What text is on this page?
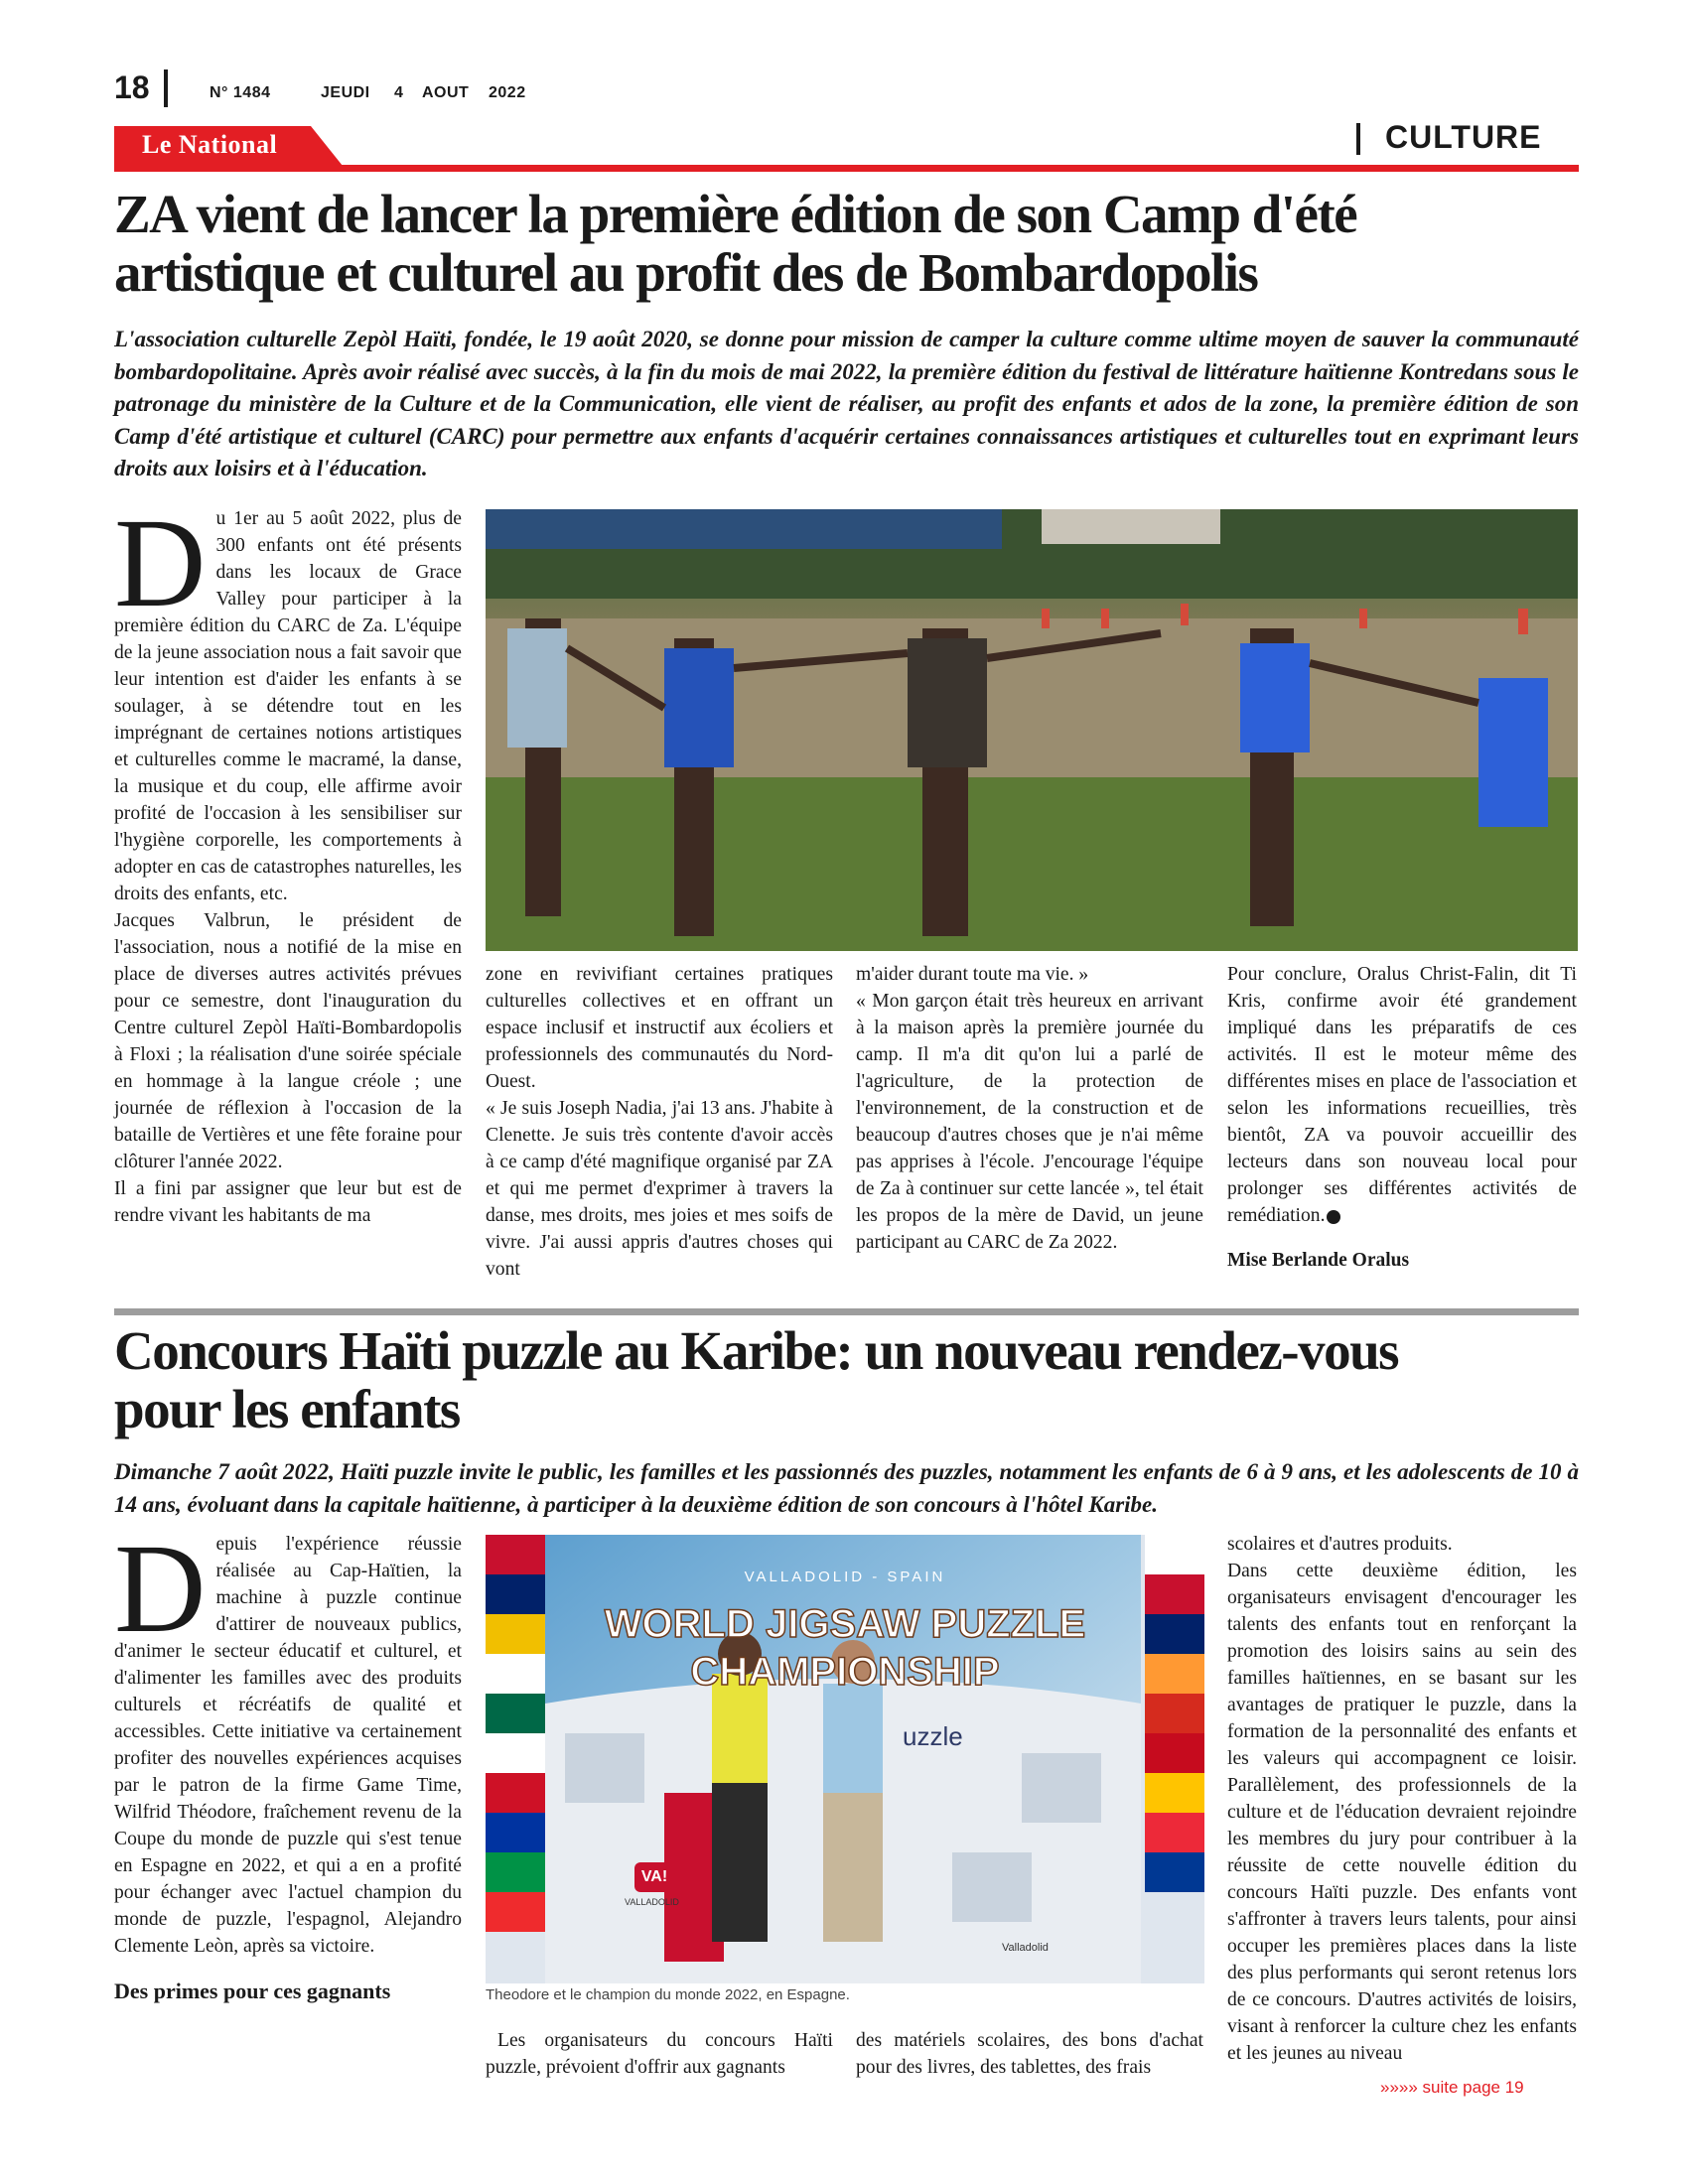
18	N° 1484	JEUDI 4 AOUT 2022
Le National	CULTURE
ZA vient de lancer la première édition de son Camp d'été
artistique et culturel au profit des de Bombardopolis

L'association culturelle Zepòl Haïti, fondée, le 19 août 2020, se donne pour mission de camper la culture comme ultime moyen de sauver la communauté bombardopolitaine. Après avoir réalisé avec succès, à la fin du mois de mai 2022, la première édition du festival de littérature haïtienne Kontredans sous le patronage du ministère de la Culture et de la Communication, elle vient de réaliser, au profit des enfants et ados de la zone, la première édition de son Camp d'été artistique et culturel (CARC) pour permettre aux enfants d'acquérir certaines connaissances artistiques et culturelles tout en exprimant leurs droits aux loisirs et à l'éducation.

D u 1er au 5 août 2022, plus de 300 enfants ont été présents dans les locaux de Grace Valley pour participer à la première édition du CARC de Za. L'équipe de la jeune association nous a fait savoir que leur intention est d'aider les enfants à se soulager, à se détendre tout en les imprégnant de certaines notions artistiques et culturelles comme le macramé, la danse, la musique et du coup, elle affirme avoir profité de l'occasion à les sensibiliser sur l'hygiène corporelle, les comportements à adopter en cas de catastrophes naturelles, les droits des enfants, etc.

Jacques Valbrun, le président de l'association, nous a notifié de la mise en place de diverses autres activités prévues pour ce semestre, dont l'inauguration du Centre culturel Zepòl Haïti-Bombardopolis à Floxi ; la réalisation d'une soirée spéciale en hommage à la langue créole ; une journée de réflexion à l'occasion de la bataille de Vertières et une fête foraine pour clôturer l'année 2022.

Il a fini par assigner que leur but est de rendre vivant les habitants de ma

zone en revivifiant certaines pratiques culturelles collectives et en offrant un espace inclusif et instructif aux écoliers et professionnels des communautés du Nord-Ouest.

« Je suis Joseph Nadia, j'ai 13 ans. J'habite à Clenette. Je suis très contente d'avoir accès à ce camp d'été magnifique organisé par ZA et qui me permet d'exprimer à travers la danse, mes droits, mes joies et mes soifs de vivre. J'ai aussi appris d'autres choses qui vont

m'aider durant toute ma vie. »

« Mon garçon était très heureux en arrivant à la maison après la première journée du camp. Il m'a dit qu'on lui a parlé de l'agriculture, de la protection de l'environnement, de la construction et de beaucoup d'autres choses que je n'ai même pas apprises à l'école. J'encourage l'équipe de Za à continuer sur cette lancée », tel était les propos de la mère de David, un jeune participant au CARC de Za 2022.

Pour conclure, Oralus Christ-Falin, dit Ti Kris, confirme avoir été grandement impliqué dans les préparatifs de ces activités. Il est le moteur même des différentes mises en place de l'association et selon les informations recueillies, très bientôt, ZA va pouvoir accueillir des lecteurs dans son nouveau local pour prolonger ses différentes activités de remédiation.

Mise Berlande Oralus

Concours Haïti puzzle au Karibe: un nouveau rendez-vous
pour les enfants

Dimanche 7 août 2022, Haïti puzzle invite le public, les familles et les passionnés des puzzles, notamment les enfants de 6 à 9 ans, et les adolescents de 10 à 14 ans, évoluant dans la capitale haïtienne, à participer à la deuxième édition de son concours à l'hôtel Karibe.

VALLADOLID - SPAIN
WORLD JIGSAW PUZZLE
CHAMPIONSHIP
uzzle
VA!
VALLADOLID
Valladolid
Theodore et le champion du monde 2022, en Espagne.
D epuis l'expérience réussie réalisée au Cap-Haïtien, la machine à puzzle continue d'attirer de nouveaux publics, d'animer le secteur éducatif et culturel, et d'alimenter les familles avec des produits culturels et récréatifs de qualité et accessibles. Cette initiative va certainement profiter des nouvelles expériences acquises par le patron de la firme Game Time, Wilfrid Théodore, fraîchement revenu de la Coupe du monde de puzzle qui s'est tenue en Espagne en 2022, et qui a en a profité pour échanger avec l'actuel champion du monde de puzzle, l'espagnol, Alejandro Clemente Leòn, après sa victoire.

Des primes pour ces gagnants

Les organisateurs du concours Haïti puzzle, prévoient d'offrir aux gagnants

des matériels scolaires, des bons d'achat pour des livres, des tablettes, des frais

scolaires et d'autres produits.

Dans cette deuxième édition, les organisateurs envisagent d'encourager les talents des enfants tout en renforçant la promotion des loisirs sains au sein des familles haïtiennes, en se basant sur les avantages de pratiquer le puzzle, dans la formation de la personnalité des enfants et les valeurs qui accompagnent ce loisir. Parallèlement, des professionnels de la culture et de l'éducation devraient rejoindre les membres du jury pour contribuer à la réussite de cette nouvelle édition du concours Haïti puzzle. Des enfants vont s'affronter à travers leurs talents, pour ainsi occuper les premières places dans la liste des plus performants qui seront retenus lors de ce concours. D'autres activités de loisirs, visant à renforcer la culture chez les enfants et les jeunes au niveau

»»»» suite page 19
